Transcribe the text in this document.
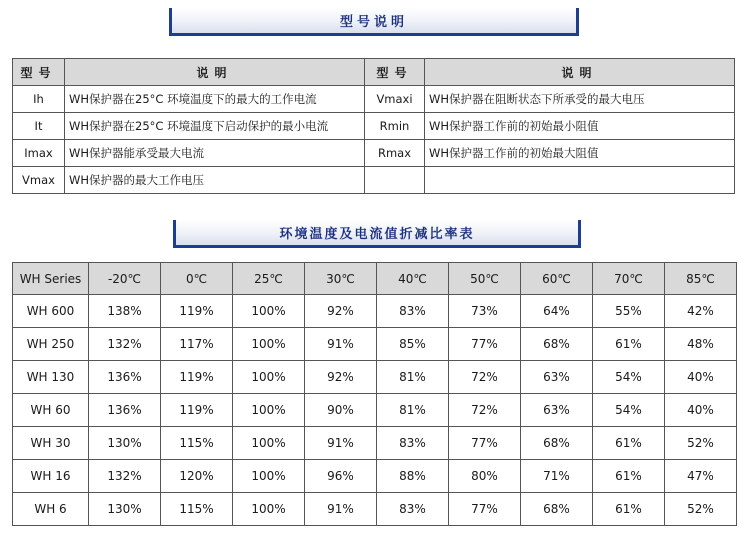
型号说明
型号	说明	型号	说明
Ih	WH保护器在25°C 环境温度下的最大的工作电流	Vmaxi	WH保护器在阻断状态下所承受的最大电压
It	WH保护器在25°C 环境温度下启动保护的最小电流	Rmin	WH保护器工作前的初始最小阻值
Imax	WH保护器能承受最大电流	Rmax	WH保护器工作前的初始最大阻值
Vmax	WH保护器的最大工作电压		
环境温度及电流值折减比率表
WH Series	-20℃	0℃	25℃	30℃	40℃	50℃	60℃	70℃	85℃
WH 600	138%	119%	100%	92%	83%	73%	64%	55%	42%
WH 250	132%	117%	100%	91%	85%	77%	68%	61%	48%
WH 130	136%	119%	100%	92%	81%	72%	63%	54%	40%
WH 60	136%	119%	100%	90%	81%	72%	63%	54%	40%
WH 30	130%	115%	100%	91%	83%	77%	68%	61%	52%
WH 16	132%	120%	100%	96%	88%	80%	71%	61%	47%
WH 6	130%	115%	100%	91%	83%	77%	68%	61%	52%
